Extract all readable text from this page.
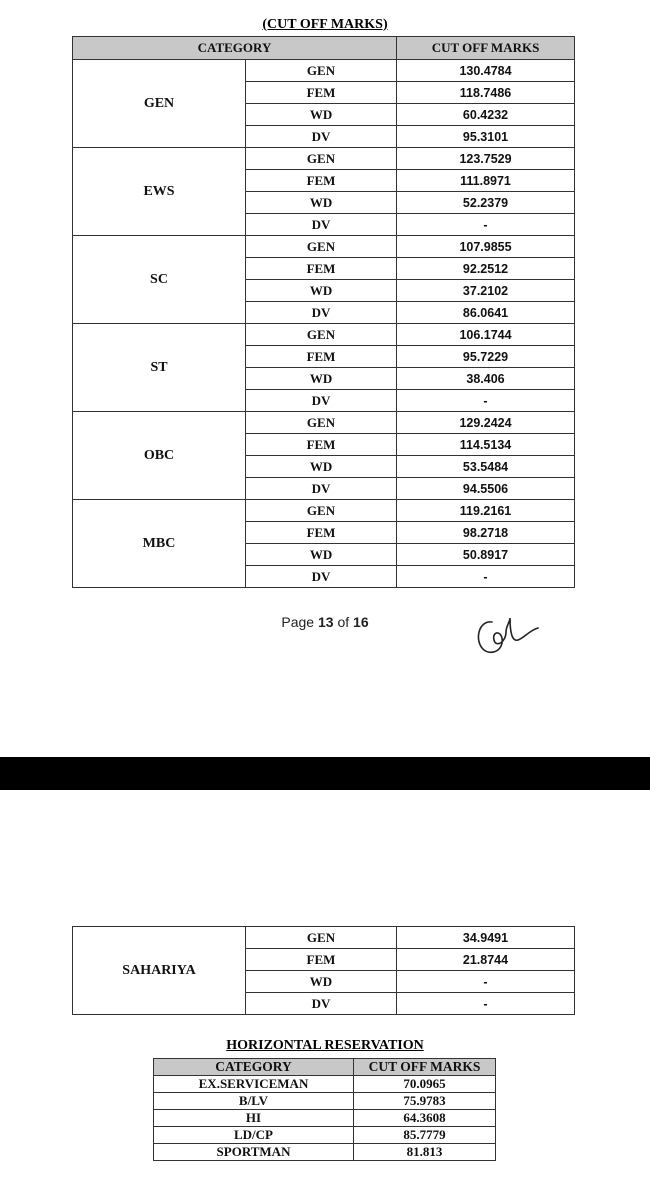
(CUT OFF MARKS)
CATEGORY		CUT OFF MARKS
GEN	GEN	130.4784
	FEM	118.7486
	WD	60.4232
	DV	95.3101
EWS	GEN	123.7529
	FEM	111.8971
	WD	52.2379
	DV	-
SC	GEN	107.9855
	FEM	92.2512
	WD	37.2102
	DV	86.0641
ST	GEN	106.1744
	FEM	95.7229
	WD	38.406
	DV	-
OBC	GEN	129.2424
	FEM	114.5134
	WD	53.5484
	DV	94.5506
MBC	GEN	119.2161
	FEM	98.2718
	WD	50.8917
	DV	-
Page 13 of 16
SAHARIYA	GEN	34.9491
	FEM	21.8744
	WD	-
	DV	-
HORIZONTAL RESERVATION
CATEGORY	CUT OFF MARKS
EX.SERVICEMAN	70.0965
B/LV	75.9783
HI	64.3608
LD/CP	85.7779
SPORTMAN	81.813
